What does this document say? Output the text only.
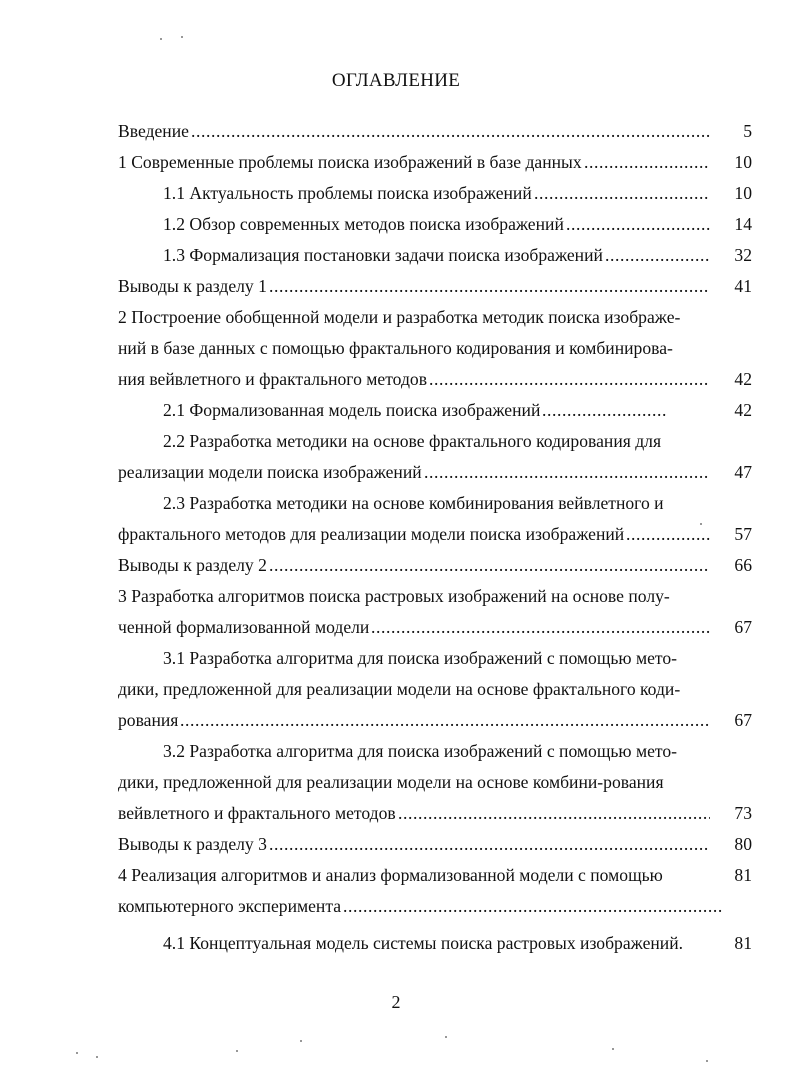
ОГЛАВЛЕНИЕ
Введение .....	5
1 Современные проблемы поиска изображений в базе данных .....	10
1.1 Актуальность проблемы поиска изображений .....	10
1.2 Обзор современных методов поиска изображений .....	14
1.3 Формализация постановки задачи поиска изображений .....	32
Выводы к разделу 1 .....	41
2 Построение обобщенной модели и разработка методик поиска изображе-
ний в базе данных с помощью фрактального кодирования и комбинирова-
ния вейвлетного и фрактального методов .....	42
2.1 Формализованная модель поиска изображений .....	42
2.2 Разработка методики на основе фрактального кодирования для
реализации модели поиска изображений .....	47
2.3 Разработка методики на основе комбинирования вейвлетного и
фрактального методов для реализации модели поиска изображений .....	57
Выводы к разделу 2 .....	66
3 Разработка алгоритмов поиска растровых изображений на основе полу-
ченной формализованной модели .....	67
3.1 Разработка алгоритма для поиска изображений с помощью мето-
дики, предложенной для реализации модели на основе фрактального коди-
рования .....	67
3.2 Разработка алгоритма для поиска изображений с помощью мето-
дики, предложенной для реализации модели на основе комбини-рования
вейвлетного и фрактального методов .....	73
Выводы к разделу 3 .....	80
4 Реализация алгоритмов и анализ формализованной модели с помощью	81
компьютерного эксперимента
.....
4.1 Концептуальная модель системы поиска растровых изображений.	81
2
